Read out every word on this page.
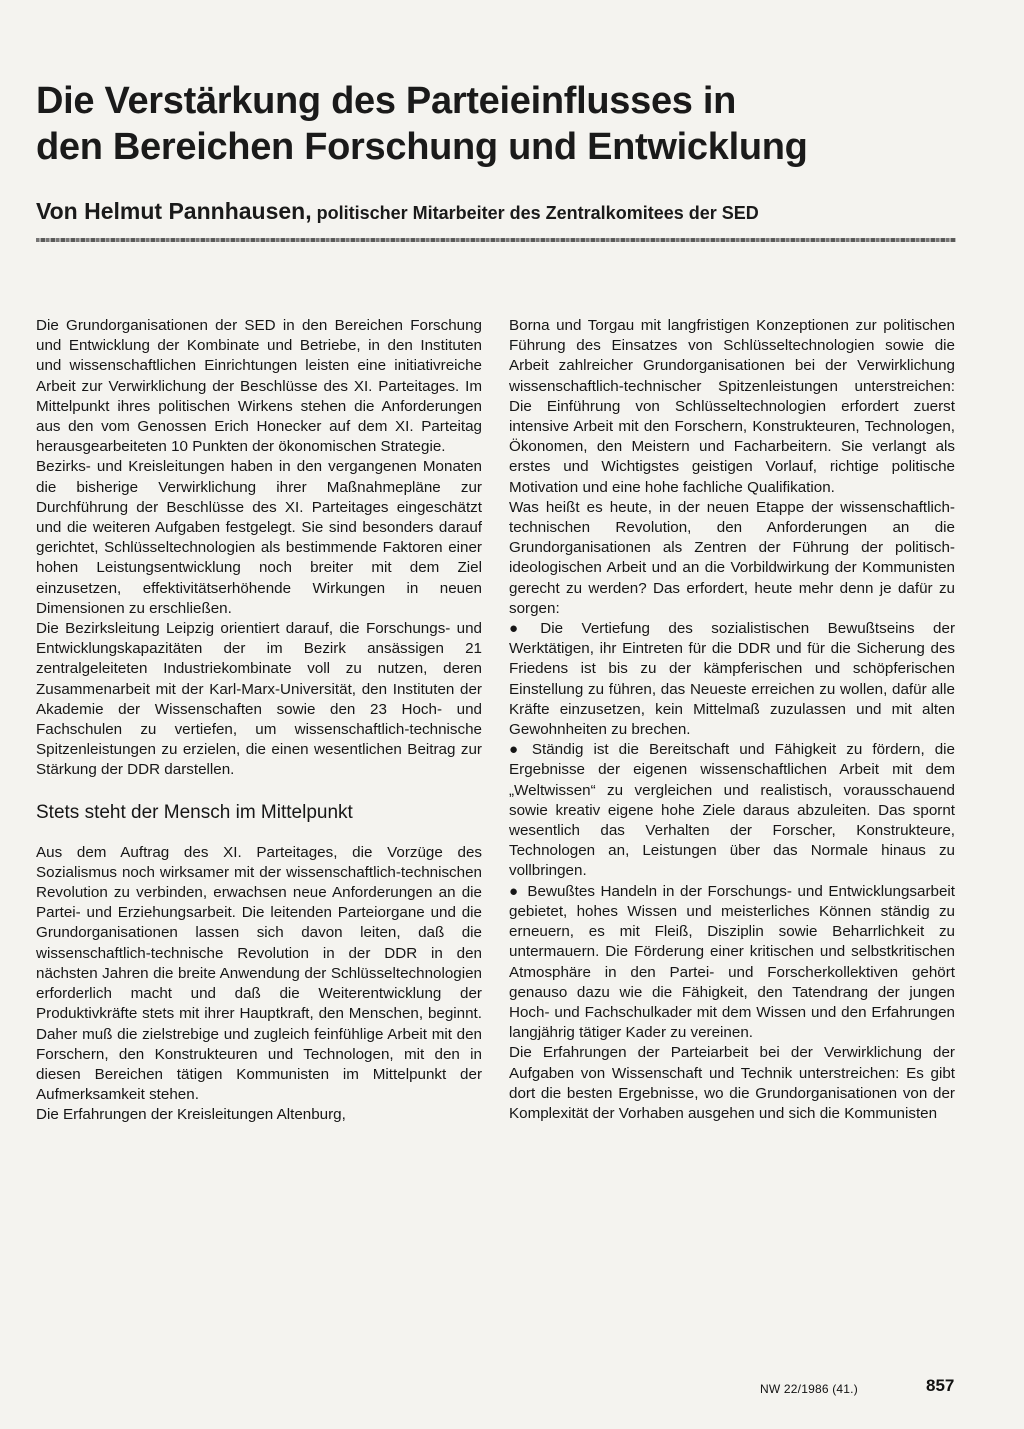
Die Verstärkung des Parteieinflusses in
den Bereichen Forschung und Entwicklung
Von Helmut Pannhausen, politischer Mitarbeiter des Zentralkomitees der SED

Die Grundorganisationen der SED in den Bereichen Forschung und Entwicklung der Kombinate und Betriebe, in den Instituten und wissenschaftlichen Einrichtungen leisten eine initiativreiche Arbeit zur Verwirklichung der Beschlüsse des XI. Parteitages. Im Mittelpunkt ihres politischen Wirkens stehen die Anforderungen aus den vom Genossen Erich Honecker auf dem XI. Parteitag herausgearbeiteten 10 Punkten der ökonomischen Strategie.

Bezirks- und Kreisleitungen haben in den vergangenen Monaten die bisherige Verwirklichung ihrer Maßnahmepläne zur Durchführung der Beschlüsse des XI. Parteitages eingeschätzt und die weiteren Aufgaben festgelegt. Sie sind besonders darauf gerichtet, Schlüsseltechnologien als bestimmende Faktoren einer hohen Leistungsentwicklung noch breiter mit dem Ziel einzusetzen, effektivitätserhöhende Wirkungen in neuen Dimensionen zu erschließen.

Die Bezirksleitung Leipzig orientiert darauf, die Forschungs- und Entwicklungskapazitäten der im Bezirk ansässigen 21 zentralgeleiteten Industriekombinate voll zu nutzen, deren Zusammenarbeit mit der Karl-Marx-Universität, den Instituten der Akademie der Wissenschaften sowie den 23 Hoch- und Fachschulen zu vertiefen, um wissenschaftlich-technische Spitzenleistungen zu erzielen, die einen wesentlichen Beitrag zur Stärkung der DDR darstellen.

Stets steht der Mensch im Mittelpunkt

Aus dem Auftrag des XI. Parteitages, die Vorzüge des Sozialismus noch wirksamer mit der wissenschaftlich-technischen Revolution zu verbinden, erwachsen neue Anforderungen an die Partei- und Erziehungsarbeit. Die leitenden Parteiorgane und die Grundorganisationen lassen sich davon leiten, daß die wissenschaftlich-technische Revolution in der DDR in den nächsten Jahren die breite Anwendung der Schlüsseltechnologien erforderlich macht und daß die Weiterentwicklung der Produktivkräfte stets mit ihrer Hauptkraft, den Menschen, beginnt. Daher muß die zielstrebige und zugleich feinfühlige Arbeit mit den Forschern, den Konstrukteuren und Technologen, mit den in diesen Bereichen tätigen Kommunisten im Mittelpunkt der Aufmerksamkeit stehen.

Die Erfahrungen der Kreisleitungen Altenburg,

Borna und Torgau mit langfristigen Konzeptionen zur politischen Führung des Einsatzes von Schlüsseltechnologien sowie die Arbeit zahlreicher Grundorganisationen bei der Verwirklichung wissenschaftlich-technischer Spitzenleistungen unterstreichen: Die Einführung von Schlüsseltechnologien erfordert zuerst intensive Arbeit mit den Forschern, Konstrukteuren, Technologen, Ökonomen, den Meistern und Facharbeitern. Sie verlangt als erstes und Wichtigstes geistigen Vorlauf, richtige politische Motivation und eine hohe fachliche Qualifikation.

Was heißt es heute, in der neuen Etappe der wissenschaftlich-technischen Revolution, den Anforderungen an die Grundorganisationen als Zentren der Führung der politisch-ideologischen Arbeit und an die Vorbildwirkung der Kommunisten gerecht zu werden? Das erfordert, heute mehr denn je dafür zu sorgen:

● Die Vertiefung des sozialistischen Bewußtseins der Werktätigen, ihr Eintreten für die DDR und für die Sicherung des Friedens ist bis zu der kämpferischen und schöpferischen Einstellung zu führen, das Neueste erreichen zu wollen, dafür alle Kräfte einzusetzen, kein Mittelmaß zuzulassen und mit alten Gewohnheiten zu brechen.

● Ständig ist die Bereitschaft und Fähigkeit zu fördern, die Ergebnisse der eigenen wissenschaftlichen Arbeit mit dem „Weltwissen“ zu vergleichen und realistisch, vorausschauend sowie kreativ eigene hohe Ziele daraus abzuleiten. Das spornt wesentlich das Verhalten der Forscher, Konstrukteure, Technologen an, Leistungen über das Normale hinaus zu vollbringen.

● Bewußtes Handeln in der Forschungs- und Entwicklungsarbeit gebietet, hohes Wissen und meisterliches Können ständig zu erneuern, es mit Fleiß, Disziplin sowie Beharrlichkeit zu untermauern. Die Förderung einer kritischen und selbstkritischen Atmosphäre in den Partei- und Forscherkollektiven gehört genauso dazu wie die Fähigkeit, den Tatendrang der jungen Hoch- und Fachschulkader mit dem Wissen und den Erfahrungen langjährig tätiger Kader zu vereinen.

Die Erfahrungen der Parteiarbeit bei der Verwirklichung der Aufgaben von Wissenschaft und Technik unterstreichen: Es gibt dort die besten Ergebnisse, wo die Grundorganisationen von der Komplexität der Vorhaben ausgehen und sich die Kommunisten

NW 22/1986 (41.)	857
